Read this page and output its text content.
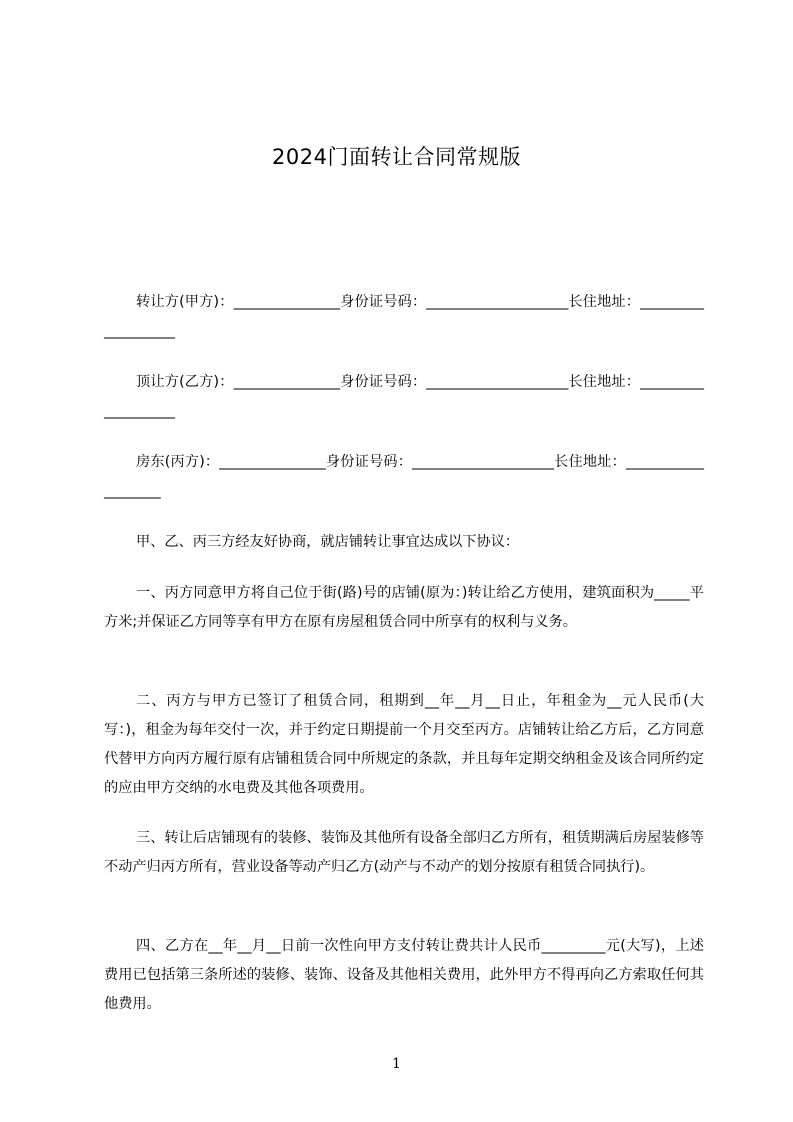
2024门面转让合同常规版
转让方(甲方)：_______________身份证号码：____________________长住地址：___________________
顶让方(乙方)：_______________身份证号码：____________________长住地址：___________________
房东(丙方)：_______________身份证号码：____________________长住地址：___________________
甲、乙、丙三方经友好协商，就店铺转让事宜达成以下协议：
一、丙方同意甲方将自己位于街(路)号的店铺(原为：)转让给乙方使用，建筑面积为_____平方米;并保证乙方同等享有甲方在原有房屋租赁合同中所享有的权利与义务。
二、丙方与甲方已签订了租赁合同，租期到__年__月__日止，年租金为__元人民币(大写：)，租金为每年交付一次，并于约定日期提前一个月交至丙方。店铺转让给乙方后，乙方同意代替甲方向丙方履行原有店铺租赁合同中所规定的条款，并且每年定期交纳租金及该合同所约定的应由甲方交纳的水电费及其他各项费用。
三、转让后店铺现有的装修、装饰及其他所有设备全部归乙方所有，租赁期满后房屋装修等不动产归丙方所有，营业设备等动产归乙方(动产与不动产的划分按原有租赁合同执行)。
四、乙方在__年__月__日前一次性向甲方支付转让费共计人民币_________元(大写)，上述费用已包括第三条所述的装修、装饰、设备及其他相关费用，此外甲方不得再向乙方索取任何其他费用。
1
